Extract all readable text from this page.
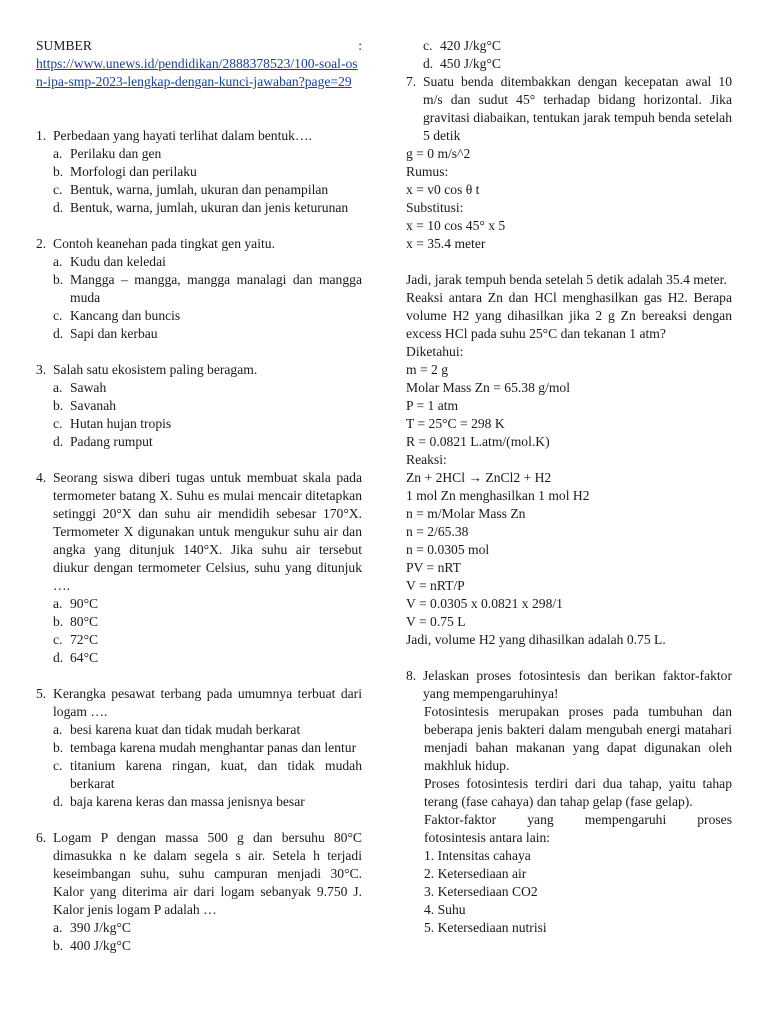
SUMBER	:
https://www.unews.id/pendidikan/2888378523/100-soal-osn-ipa-smp-2023-lengkap-dengan-kunci-jawaban?page=29
1. Perbedaan yang hayati terlihat dalam bentuk….
a. Perilaku dan gen
b. Morfologi dan perilaku
c. Bentuk, warna, jumlah, ukuran dan penampilan
d. Bentuk, warna, jumlah, ukuran dan jenis keturunan
2. Contoh keanehan pada tingkat gen yaitu.
a. Kudu dan keledai
b. Mangga – mangga, mangga manalagi dan mangga muda
c. Kancang dan buncis
d. Sapi dan kerbau
3. Salah satu ekosistem paling beragam.
a. Sawah
b. Savanah
c. Hutan hujan tropis
d. Padang rumput
4. Seorang siswa diberi tugas untuk membuat skala pada termometer batang X. Suhu es mulai mencair ditetapkan setinggi 20°X dan suhu air mendidih sebesar 170°X. Termometer X digunakan untuk mengukur suhu air dan angka yang ditunjuk 140°X. Jika suhu air tersebut diukur dengan termometer Celsius, suhu yang ditunjuk ….
a. 90°C
b. 80°C
c. 72°C
d. 64°C
5. Kerangka pesawat terbang pada umumnya terbuat dari logam ….
a. besi karena kuat dan tidak mudah berkarat
b. tembaga karena mudah menghantar panas dan lentur
c. titanium karena ringan, kuat, dan tidak mudah berkarat
d. baja karena keras dan massa jenisnya besar
6. Logam P dengan massa 500 g dan bersuhu 80°C dimasukka n ke dalam segela s air. Setela h terjadi keseimbangan suhu, suhu campuran menjadi 30°C. Kalor yang diterima air dari logam sebanyak 9.750 J. Kalor jenis logam P adalah …
a. 390 J/kg°C
b. 400 J/kg°C
c. 420 J/kg°C
d. 450 J/kg°C
7. Suatu benda ditembakkan dengan kecepatan awal 10 m/s dan sudut 45° terhadap bidang horizontal. Jika gravitasi diabaikan, tentukan jarak tempuh benda setelah 5 detik
g = 0 m/s^2
Rumus:
x = v0 cos θ t
Substitusi:
x = 10 cos 45° x 5
x = 35.4 meter
Jadi, jarak tempuh benda setelah 5 detik adalah 35.4 meter.
Reaksi antara Zn dan HCl menghasilkan gas H2. Berapa volume H2 yang dihasilkan jika 2 g Zn bereaksi dengan excess HCl pada suhu 25°C dan tekanan 1 atm?
Diketahui:
m = 2 g
Molar Mass Zn = 65.38 g/mol
P = 1 atm
T = 25°C = 298 K
R = 0.0821 L.atm/(mol.K)
Reaksi:
Zn + 2HCl → ZnCl2 + H2
1 mol Zn menghasilkan 1 mol H2
n = m/Molar Mass Zn
n = 2/65.38
n = 0.0305 mol
PV = nRT
V = nRT/P
V = 0.0305 x 0.0821 x 298/1
V = 0.75 L
Jadi, volume H2 yang dihasilkan adalah 0.75 L.
8. Jelaskan proses fotosintesis dan berikan faktor-faktor yang mempengaruhinya!
Fotosintesis merupakan proses pada tumbuhan dan beberapa jenis bakteri dalam mengubah energi matahari menjadi bahan makanan yang dapat digunakan oleh makhluk hidup.
Proses fotosintesis terdiri dari dua tahap, yaitu tahap terang (fase cahaya) dan tahap gelap (fase gelap).
Faktor-faktor yang mempengaruhi proses
fotosintesis antara lain:
1. Intensitas cahaya
2. Ketersediaan air
3. Ketersediaan CO2
4. Suhu
5. Ketersediaan nutrisi
